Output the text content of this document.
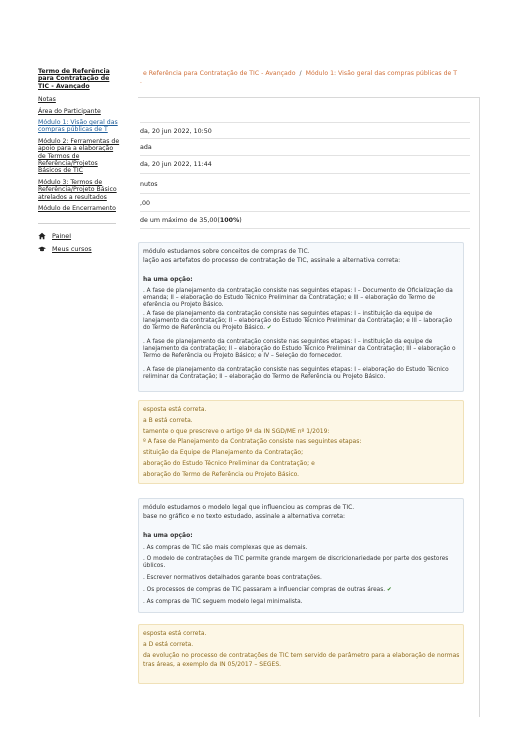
Termo de Referência para Contratação de TIC - Avançado
Notas
Área do Participante
Módulo 1: Visão geral das compras públicas de T
Módulo 2: Ferramentas de apoio para a elaboração de Termos de Referência/Projetos Básicos de TIC
Módulo 3: Termos de Referência/Projeto Básico atrelados a resultados
Módulo de Encerramento
Painel
Meus cursos
e Referência para Contratação de TIC - Avançado / Módulo 1: Visão geral das compras públicas de T
.
da, 20 jun 2022, 10:50
ada
da, 20 jun 2022, 11:44
nutos
,00
de um máximo de 35,00(100%)
módulo estudamos sobre conceitos de compras de TIC.
lação aos artefatos do processo de contratação de TIC, assinale a alternativa correta:
ha uma opção:
. A fase de planejamento da contratação consiste nas seguintes etapas: I – Documento de Oficialização da emanda; II – elaboração do Estudo Técnico Preliminar da Contratação; e III – elaboração do Termo de eferência ou Projeto Básico.
. A fase de planejamento da contratação consiste nas seguintes etapas: I – instituição da equipe de lanejamento da contratação; II – elaboração do Estudo Técnico Preliminar da Contratação; e III – laboração do Termo de Referência ou Projeto Básico. ✔
. A fase de planejamento da contratação consiste nas seguintes etapas: I – instituição da equipe de lanejamento da contratação; II – elaboração do Estudo Técnico Preliminar da Contratação; III – elaboração o Termo de Referência ou Projeto Básico; e IV – Seleção do fornecedor.
. A fase de planejamento da contratação consiste nas seguintes etapas: I – elaboração do Estudo Técnico reliminar da Contratação; II – elaboração do Termo de Referência ou Projeto Básico.
esposta está correta.
a B está correta.
tamente o que prescreve o artigo 9º da IN SGD/ME nº 1/2019:
º A fase de Planejamento da Contratação consiste nas seguintes etapas:
stituição da Equipe de Planejamento da Contratação;
aboração do Estudo Técnico Preliminar da Contratação; e
aboração do Termo de Referência ou Projeto Básico.
módulo estudamos o modelo legal que influenciou as compras de TIC.
base no gráfico e no texto estudado, assinale a alternativa correta:
ha uma opção:
. As compras de TIC são mais complexas que as demais.
. O modelo de contratações de TIC permite grande margem de discricionariedade por parte dos gestores úblicos.
. Escrever normativos detalhados garante boas contratações.
. Os processos de compras de TIC passaram a influenciar compras de outras áreas. ✔
. As compras de TIC seguem modelo legal minimalista.
esposta está correta.
a D está correta.
da evolução no processo de contratações de TIC tem servido de parâmetro para a elaboração de normas
tras áreas, a exemplo da IN 05/2017 – SEGES.
